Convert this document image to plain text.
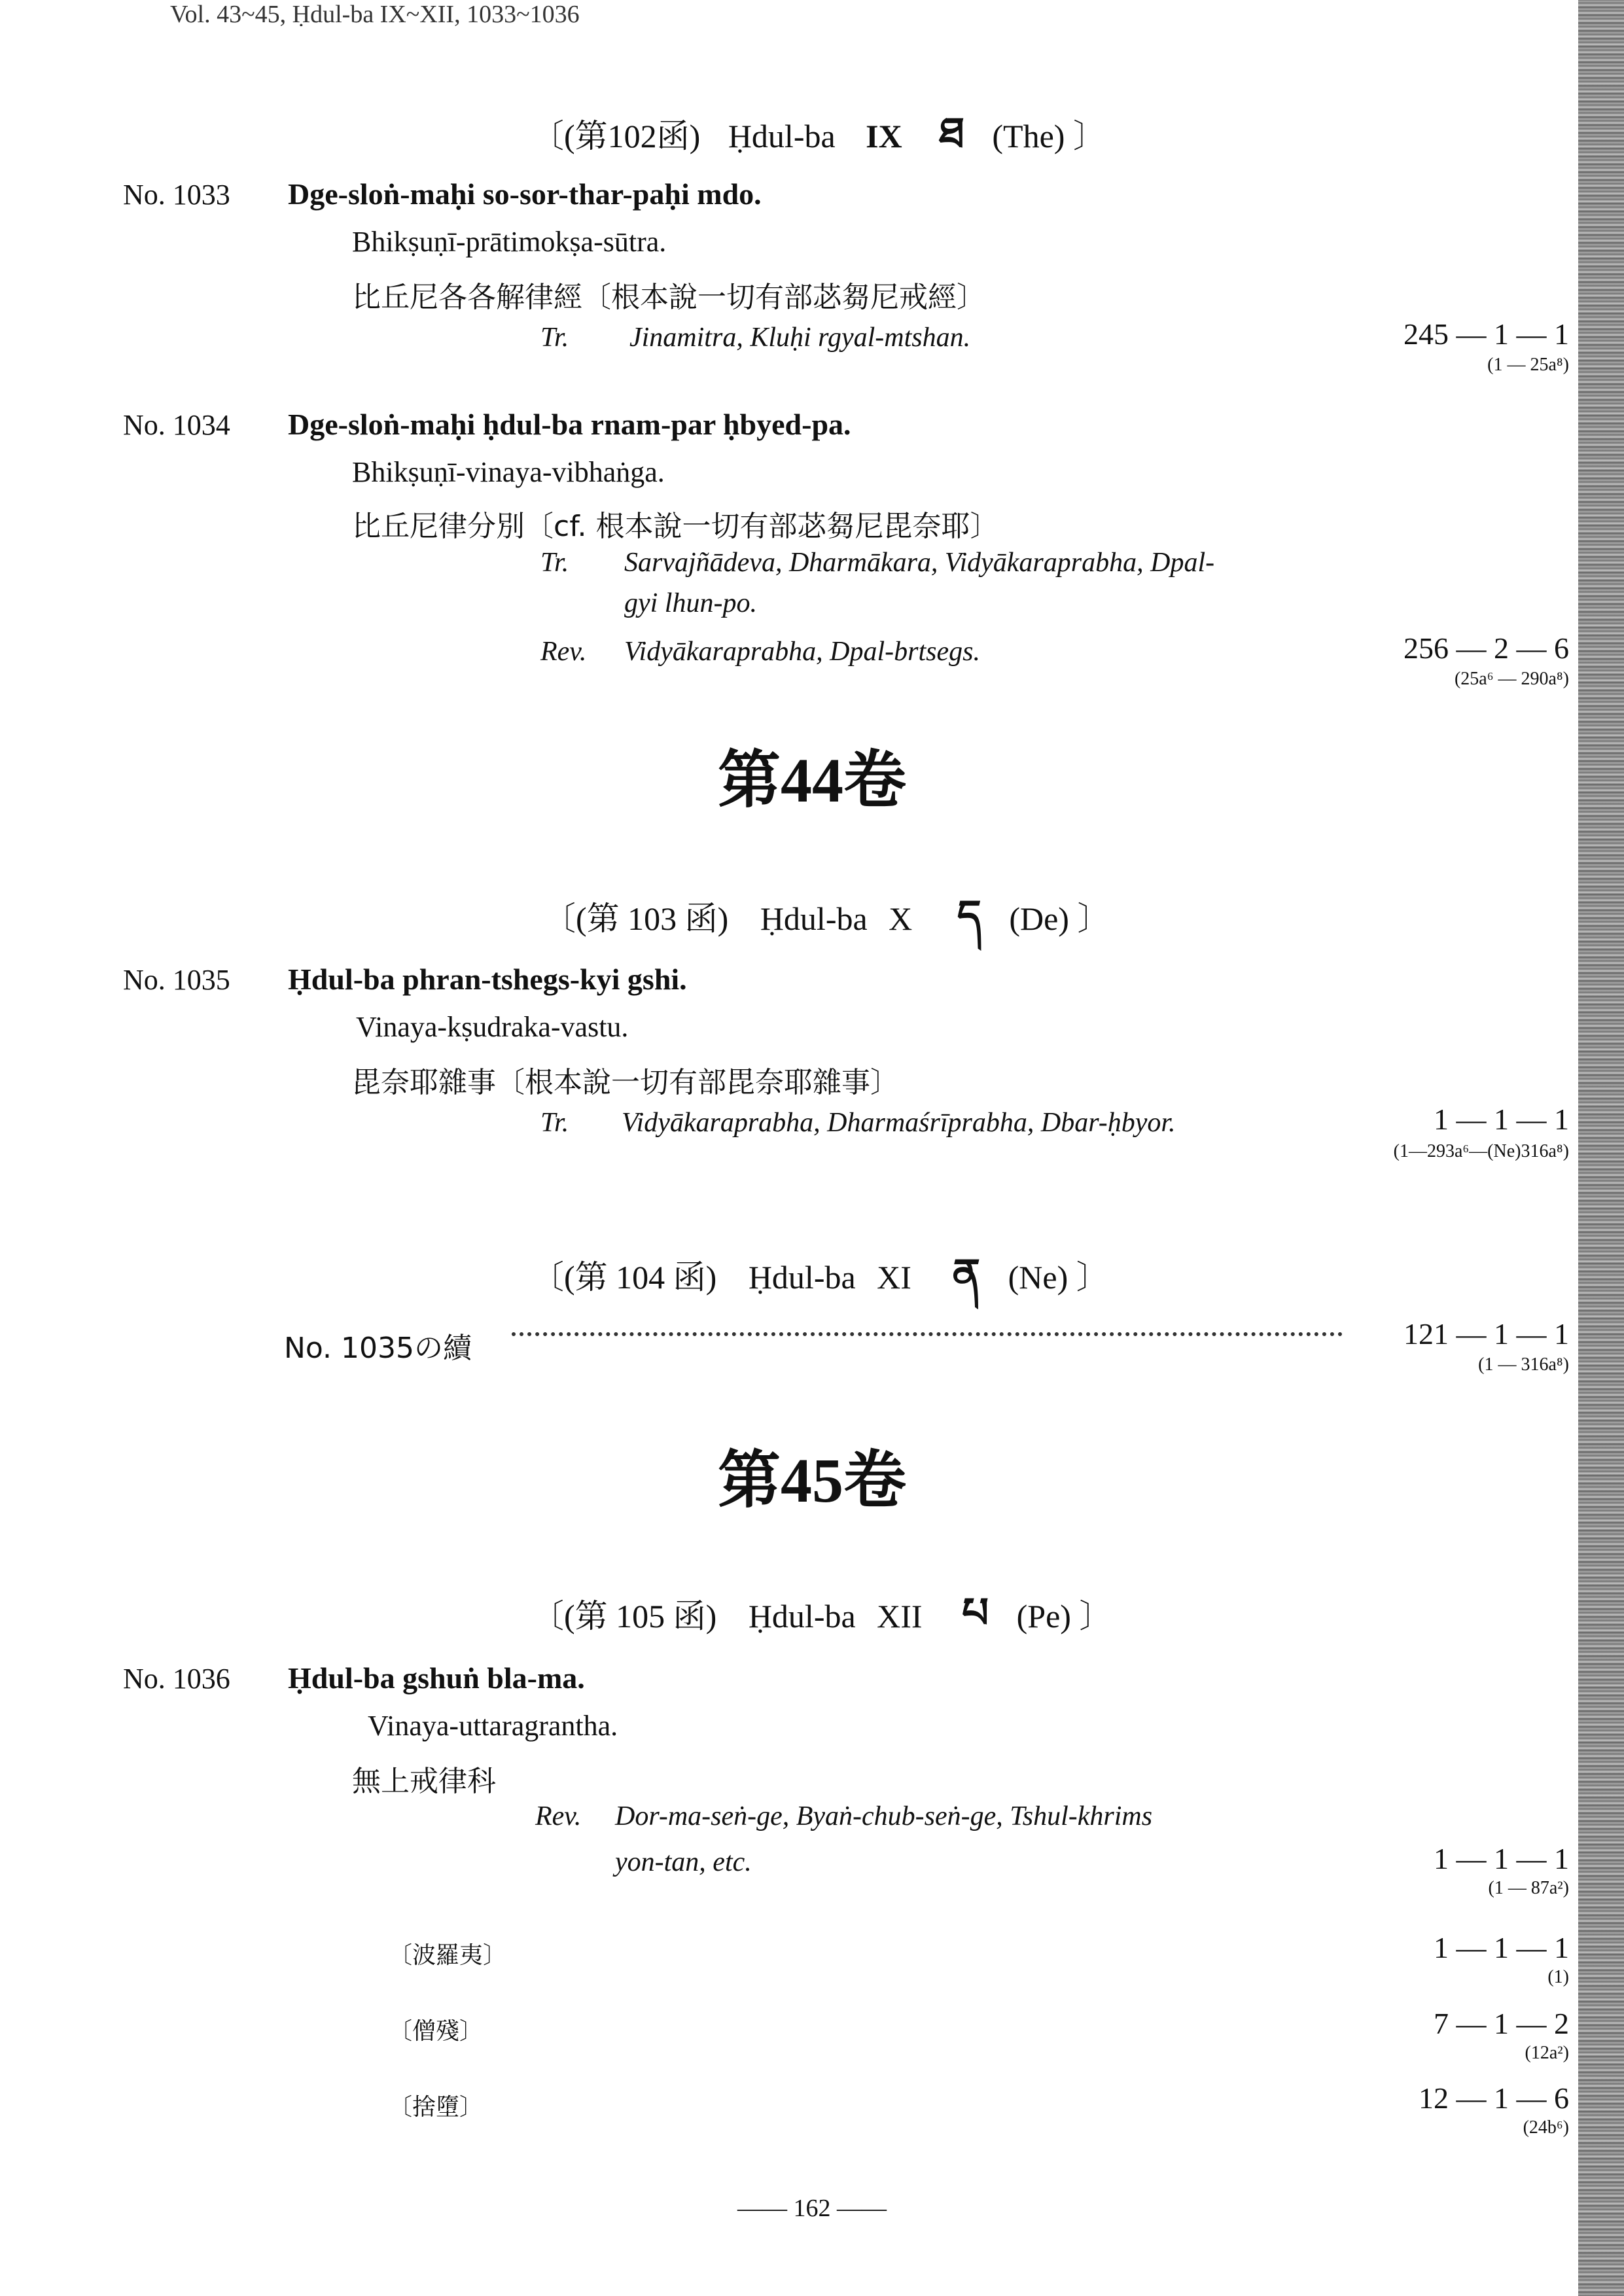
Vol. 43~45, Ḥdul-ba IX~XII, 1033~1036
〔(第102函) Ḥdul-ba IX ཐ (The) 〕
No. 1033 Dge-sloṅ-maḥi so-sor-thar-paḥi mdo.
Bhikṣuṇī-prātimokṣa-sūtra.
比丘尼各各解律經〔根本說一切有部苾芻尼戒經〕
Tr. Jinamitra, Kluḥi rgyal-mtshan.	245 — 1 — 1
(1 — 25a⁸)
No. 1034 Dge-sloṅ-maḥi ḥdul-ba rnam-par ḥbyed-pa.
Bhikṣuṇī-vinaya-vibhaṅga.
比丘尼律分別〔cf. 根本說一切有部苾芻尼毘奈耶〕
Tr. Sarvajñādeva, Dharmākara, Vidyākaraprabha, Dpal-
gyi lhun-po.
Rev. Vidyākaraprabha, Dpal-brtsegs.	256 — 2 — 6
(25a⁶ — 290a⁸)
第44卷
〔(第 103 函) Ḥdul-ba X ད (De) 〕
No. 1035 Ḥdul-ba phran-tshegs-kyi gshi.
Vinaya-kṣudraka-vastu.
毘奈耶雜事〔根本說一切有部毘奈耶雜事〕
Tr. Vidyākaraprabha, Dharmaśrīprabha, Dbar-ḥbyor.	1 — 1 — 1
(1—293a⁶—(Ne)316a⁸)
〔(第 104 函) Ḥdul-ba XI ན (Ne) 〕
No. 1035の續	121 — 1 — 1
(1 — 316a⁸)
第45卷
〔(第 105 函) Ḥdul-ba XII པ (Pe) 〕
No. 1036 Ḥdul-ba gshuṅ bla-ma.
Vinaya-uttaragrantha.
無上戒律科
Rev. Dor-ma-seṅ-ge, Byaṅ-chub-seṅ-ge, Tshul-khrims
yon-tan, etc.	1 — 1 — 1
(1 — 87a²)
〔波羅夷〕	1 — 1 — 1
(1)
〔僧殘〕	7 — 1 — 2
(12a²)
〔捨墮〕	12 — 1 — 6
(24b⁶)
—— 162 ——
